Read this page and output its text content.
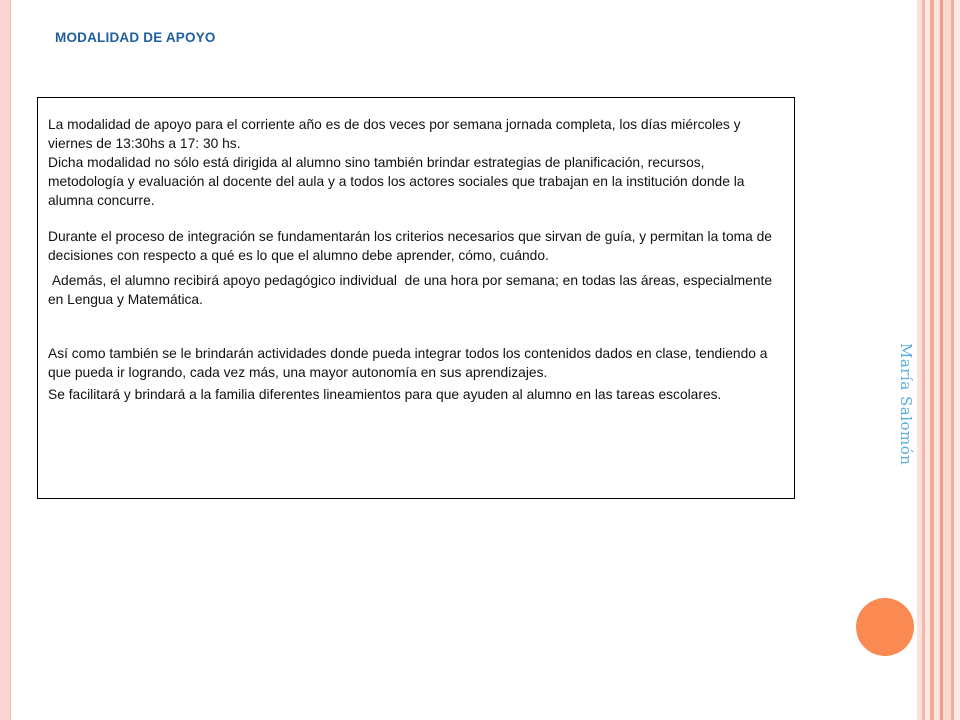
MODALIDAD DE APOYO

La modalidad de apoyo para el corriente año es de dos veces por semana jornada completa, los días miércoles y viernes de 13:30hs a 17: 30 hs.

Dicha modalidad no sólo está dirigida al alumno sino también brindar estrategias de planificación, recursos, metodología y evaluación al docente del aula y a todos los actores sociales que trabajan en la institución donde la alumna concurre.

Durante el proceso de integración se fundamentarán los criterios necesarios que sirvan de guía, y permitan la toma de decisiones con respecto a qué es lo que el alumno debe aprender, cómo, cuándo.

Además, el alumno recibirá apoyo pedagógico individual  de una hora por semana; en todas las áreas, especialmente en Lengua y Matemática.

Así como también se le brindarán actividades donde pueda integrar todos los contenidos dados en clase, tendiendo a que pueda ir logrando, cada vez más, una mayor autonomía en sus aprendizajes.

Se facilitará y brindará a la familia diferentes lineamientos para que ayuden al alumno en las tareas escolares.	María Salomón
